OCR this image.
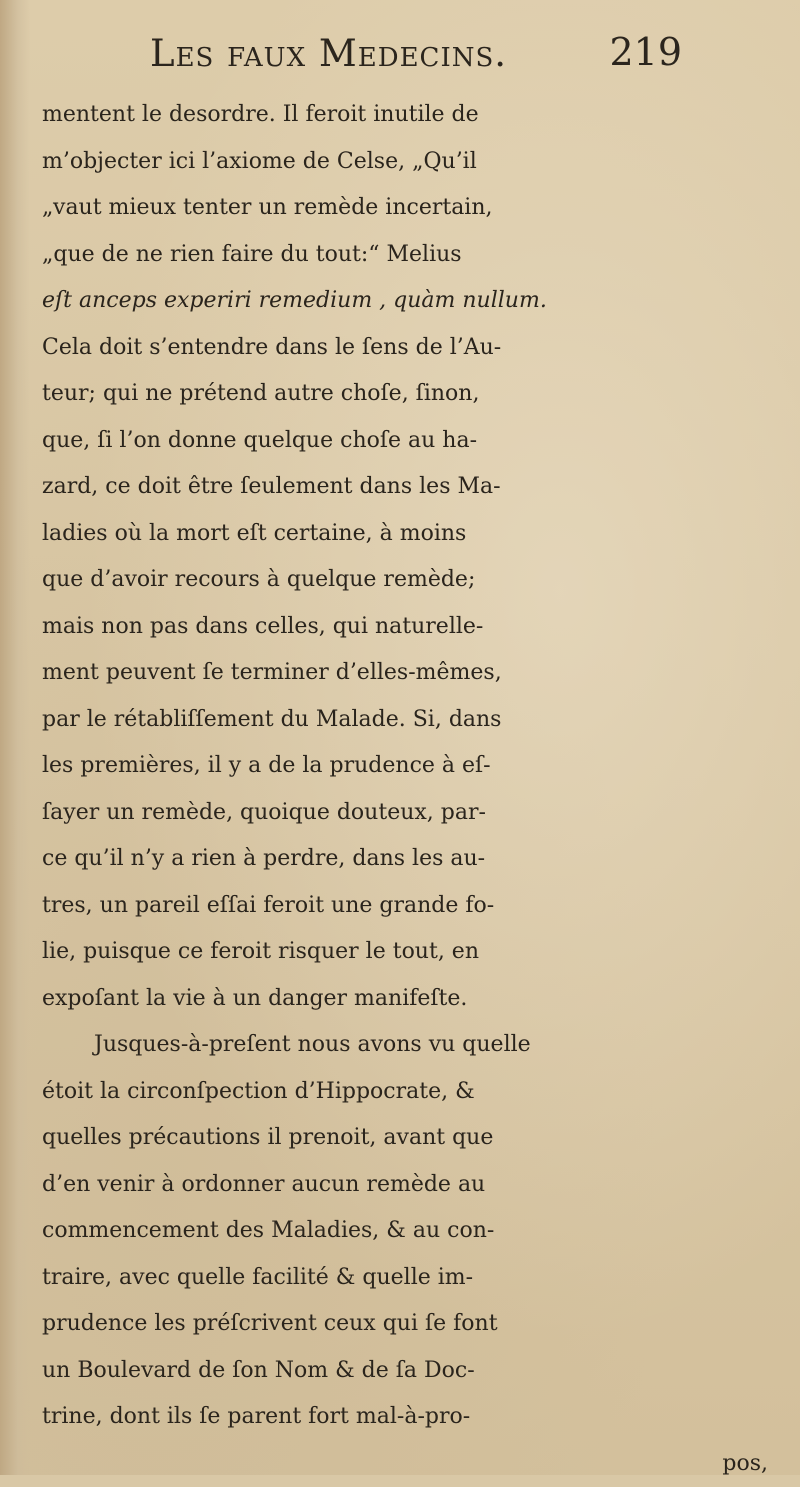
Les faux Medecins.	219
mentent le desordre. Il feroit inutile de
m’objecter ici l’axiome de Celse, „Qu’il
„vaut mieux tenter un remède incertain,
„que de ne rien faire du tout:“ Melius
eſt anceps experiri remedium , quàm nullum.
Cela doit s’entendre dans le ſens de l’Au-
teur; qui ne prétend autre choſe, ſinon,
que, ſi l’on donne quelque choſe au ha-
zard, ce doit être ſeulement dans les Ma-
ladies où la mort eſt certaine, à moins
que d’avoir recours à quelque remède;
mais non pas dans celles, qui naturelle-
ment peuvent ſe terminer d’elles-mêmes,
par le rétabliſſement du Malade. Si, dans
les premières, il y a de la prudence à eſ-
ſayer un remède, quoique douteux, par-
ce qu’il n’y a rien à perdre, dans les au-
tres, un pareil eſſai feroit une grande fo-
lie, puisque ce feroit risquer le tout, en
expoſant la vie à un danger manifeſte.
Jusques-à-preſent nous avons vu quelle
étoit la circonſpection d’Hippocrate, &
quelles précautions il prenoit, avant que
d’en venir à ordonner aucun remède au
commencement des Maladies, & au con-
traire, avec quelle facilité & quelle im-
prudence les préſcrivent ceux qui ſe font
un Boulevard de ſon Nom & de ſa Doc-
trine, dont ils ſe parent fort mal-à-pro-
pos,
